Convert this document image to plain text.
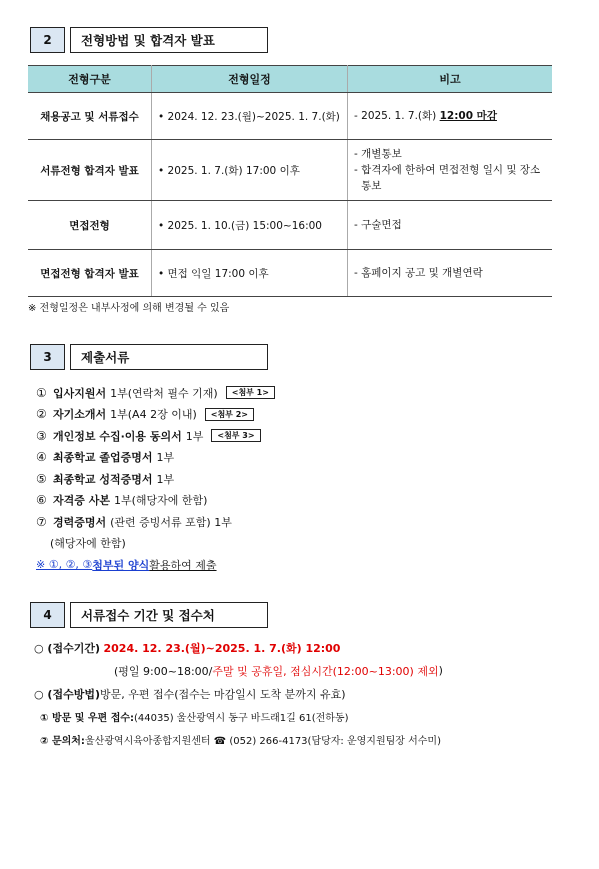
2	전형방법 및 합격자 발표
전형구분	전형일정	비고
채용공고 및 서류접수	• 2024. 12. 23.(월)~2025. 1. 7.(화)	- 2025. 1. 7.(화) 12:00 마감
서류전형 합격자 발표	• 2025. 1. 7.(화) 17:00 이후	- 개별통보
- 합격자에 한하여 면접전형 일시 및 장소 통보

면접전형	• 2025. 1. 10.(금) 15:00~16:00	- 구술면접
면접전형 합격자 발표	• 면접 익일 17:00 이후	- 홈페이지 공고 및 개별연락
※ 전형일정은 내부사정에 의해 변경될 수 있음
3	제출서류
① 입사지원서 1부(연락처 필수 기재)	<첨부 1>
② 자기소개서 1부(A4 2장 이내)	<첨부 2>
③ 개인정보 수집·이용 동의서 1부	<첨부 3>
④ 최종학교 졸업증명서 1부
⑤ 최종학교 성적증명서 1부
⑥ 자격증 사본 1부(해당자에 한함)
⑦ 경력증명서 (관련 증빙서류 포함) 1부
(해당자에 한함)
※ ①, ②, ③ 첨부된 양식 활용하여 제출
4	서류접수 기간 및 접수처
○ (접수기간)
2024. 12. 23.(월)~2025. 1. 7.(화) 12:00
(평일 9:00~18:00/ 주말 및 공휴일, 점심시간(12:00~13:00) 제외 )
○ (접수방법) 방문, 우편 접수(접수는 마감일시 도착 분까지 유효)
① 방문 및 우편 접수: (44035) 울산광역시 동구 바드래1길 61(전하동)
② 문의처: 울산광역시육아종합지원센터 ☎ (052) 266-4173(담당자: 운영지원팀장 서수미)
